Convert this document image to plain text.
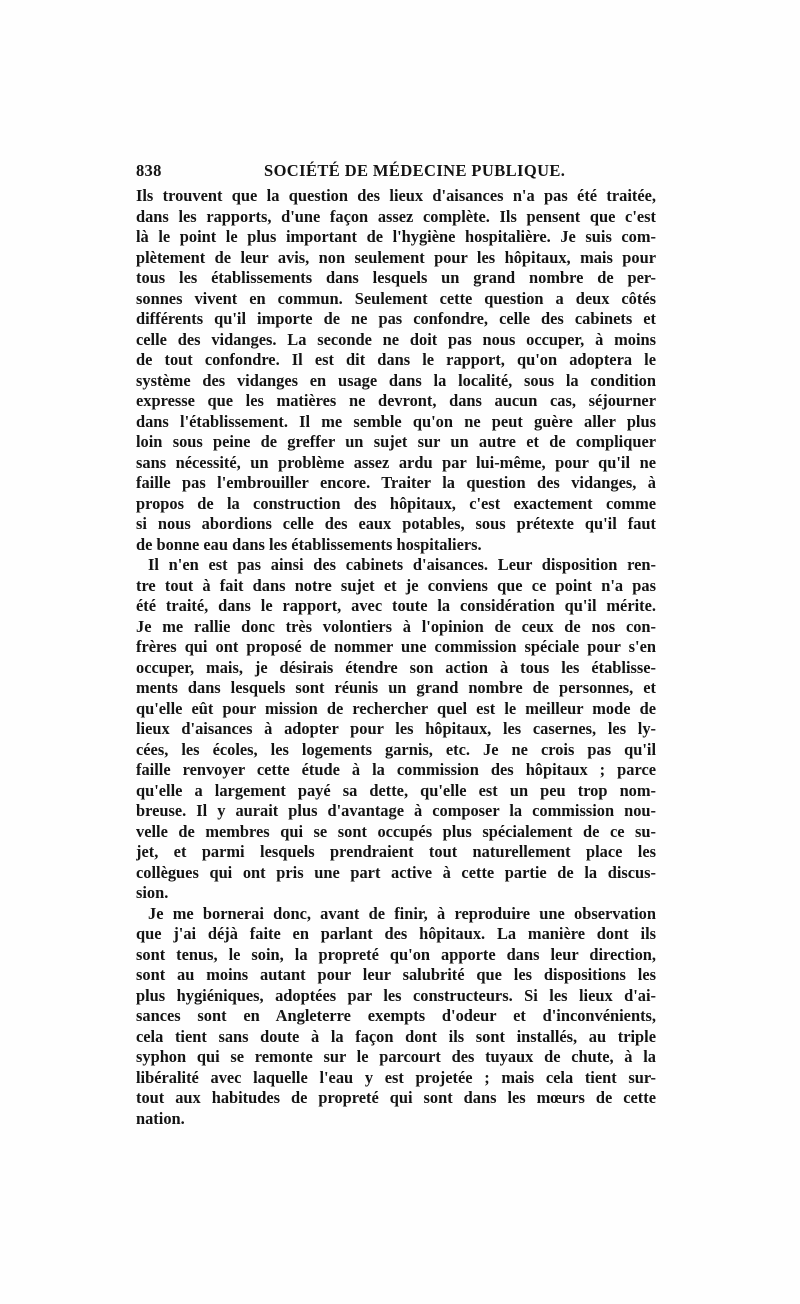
838	SOCIÉTÉ DE MÉDECINE PUBLIQUE.

Ils trouvent que la question des lieux d'aisances n'a pas été traitée,
dans les rapports, d'une façon assez complète. Ils pensent que c'est
là le point le plus important de l'hygiène hospitalière. Je suis com-
plètement de leur avis, non seulement pour les hôpitaux, mais pour
tous les établissements dans lesquels un grand nombre de per-
sonnes vivent en commun. Seulement cette question a deux côtés
différents qu'il importe de ne pas confondre, celle des cabinets et
celle des vidanges. La seconde ne doit pas nous occuper, à moins
de tout confondre. Il est dit dans le rapport, qu'on adoptera le
système des vidanges en usage dans la localité, sous la condition
expresse que les matières ne devront, dans aucun cas, séjourner
dans l'établissement. Il me semble qu'on ne peut guère aller plus
loin sous peine de greffer un sujet sur un autre et de compliquer
sans nécessité, un problème assez ardu par lui-même, pour qu'il ne
faille pas l'embrouiller encore. Traiter la question des vidanges, à
propos de la construction des hôpitaux, c'est exactement comme
si nous abordions celle des eaux potables, sous prétexte qu'il faut
de bonne eau dans les établissements hospitaliers.

Il n'en est pas ainsi des cabinets d'aisances. Leur disposition ren-
tre tout à fait dans notre sujet et je conviens que ce point n'a pas
été traité, dans le rapport, avec toute la considération qu'il mérite.
Je me rallie donc très volontiers à l'opinion de ceux de nos con-
frères qui ont proposé de nommer une commission spéciale pour s'en
occuper, mais, je désirais étendre son action à tous les établisse-
ments dans lesquels sont réunis un grand nombre de personnes, et
qu'elle eût pour mission de rechercher quel est le meilleur mode de
lieux d'aisances à adopter pour les hôpitaux, les casernes, les ly-
cées, les écoles, les logements garnis, etc. Je ne crois pas qu'il
faille renvoyer cette étude à la commission des hôpitaux ; parce
qu'elle a largement payé sa dette, qu'elle est un peu trop nom-
breuse. Il y aurait plus d'avantage à composer la commission nou-
velle de membres qui se sont occupés plus spécialement de ce su-
jet, et parmi lesquels prendraient tout naturellement place les
collègues qui ont pris une part active à cette partie de la discus-
sion.

Je me bornerai donc, avant de finir, à reproduire une observation
que j'ai déjà faite en parlant des hôpitaux. La manière dont ils
sont tenus, le soin, la propreté qu'on apporte dans leur direction,
sont au moins autant pour leur salubrité que les dispositions les
plus hygiéniques, adoptées par les constructeurs. Si les lieux d'ai-
sances sont en Angleterre exempts d'odeur et d'inconvénients,
cela tient sans doute à la façon dont ils sont installés, au triple
syphon qui se remonte sur le parcourt des tuyaux de chute, à la
libéralité avec laquelle l'eau y est projetée ; mais cela tient sur-
tout aux habitudes de propreté qui sont dans les mœurs de cette
nation.
